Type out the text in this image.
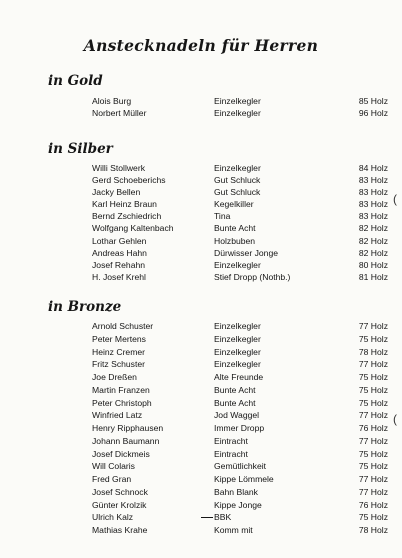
Anstecknadeln für Herren
in Gold
Alois Burg	Einzelkegler	85 Holz
Norbert Müller	Einzelkegler	96 Holz
in Silber
Willi Stollwerk	Einzelkegler	84 Holz
Gerd Schoeberichs	Gut Schluck	83 Holz
Jacky Bellen	Gut Schluck	83 Holz
Karl Heinz Braun	Kegelkiller	83 Holz
Bernd Zschiedrich	Tina	83 Holz
Wolfgang Kaltenbach	Bunte Acht	82 Holz
Lothar Gehlen	Holzbuben	82 Holz
Andreas Hahn	Dürwisser Jonge	82 Holz
Josef Rehahn	Einzelkegler	80 Holz
H. Josef Krehl	Stief Dropp (Nothb.)	81 Holz
in Bronze
Arnold Schuster	Einzelkegler	77 Holz
Peter Mertens	Einzelkegler	75 Holz
Heinz Cremer	Einzelkegler	78 Holz
Fritz Schuster	Einzelkegler	77 Holz
Joe Dreßen	Alte Freunde	75 Holz
Martin Franzen	Bunte Acht	75 Holz
Peter Christoph	Bunte Acht	75 Holz
Winfried Latz	Jod Waggel	77 Holz
Henry Ripphausen	Immer Dropp	76 Holz
Johann Baumann	Eintracht	77 Holz
Josef Dickmeis	Eintracht	75 Holz
Will Colaris	Gemütlichkeit	75 Holz
Fred Gran	Kippe Lömmele	77 Holz
Josef Schnock	Bahn Blank	77 Holz
Günter Krolzik	Kippe Jonge	76 Holz
Ulrich Kalz	BBK	75 Holz
Mathias Krahe	Komm mit	78 Holz
(
(
